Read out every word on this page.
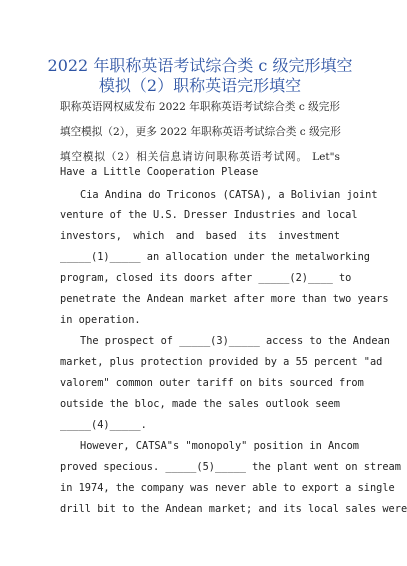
2022 年职称英语考试综合类 c 级完形填空
模拟（2）职称英语完形填空
职称英语网权威发布 2022 年职称英语考试综合类 c 级完形
填空模拟（2），更多 2022 年职称英语考试综合类 c 级完形
填空模拟（2）相关信息请访问职称英语考试网。 Let"s
Have a Little Cooperation Please
Cia Andina do Triconos (CATSA), a Bolivian joint
venture of the U.S. Dresser Industries and local
investors, which and based its investment
_____(1)_____ an allocation under the metalworking
program, closed its doors after _____(2)____ to
penetrate the Andean market after more than two years
in operation.
The prospect of _____(3)_____ access to the Andean
market, plus protection provided by a 55 percent "ad
valorem" common outer tariff on bits sourced from
outside the bloc, made the sales outlook seem
_____(4)_____.
However, CATSA"s "monopoly" position in Ancom
proved specious. _____(5)_____ the plant went on stream
in 1974, the company was never able to export a single
drill bit to the Andean market; and its local sales were
